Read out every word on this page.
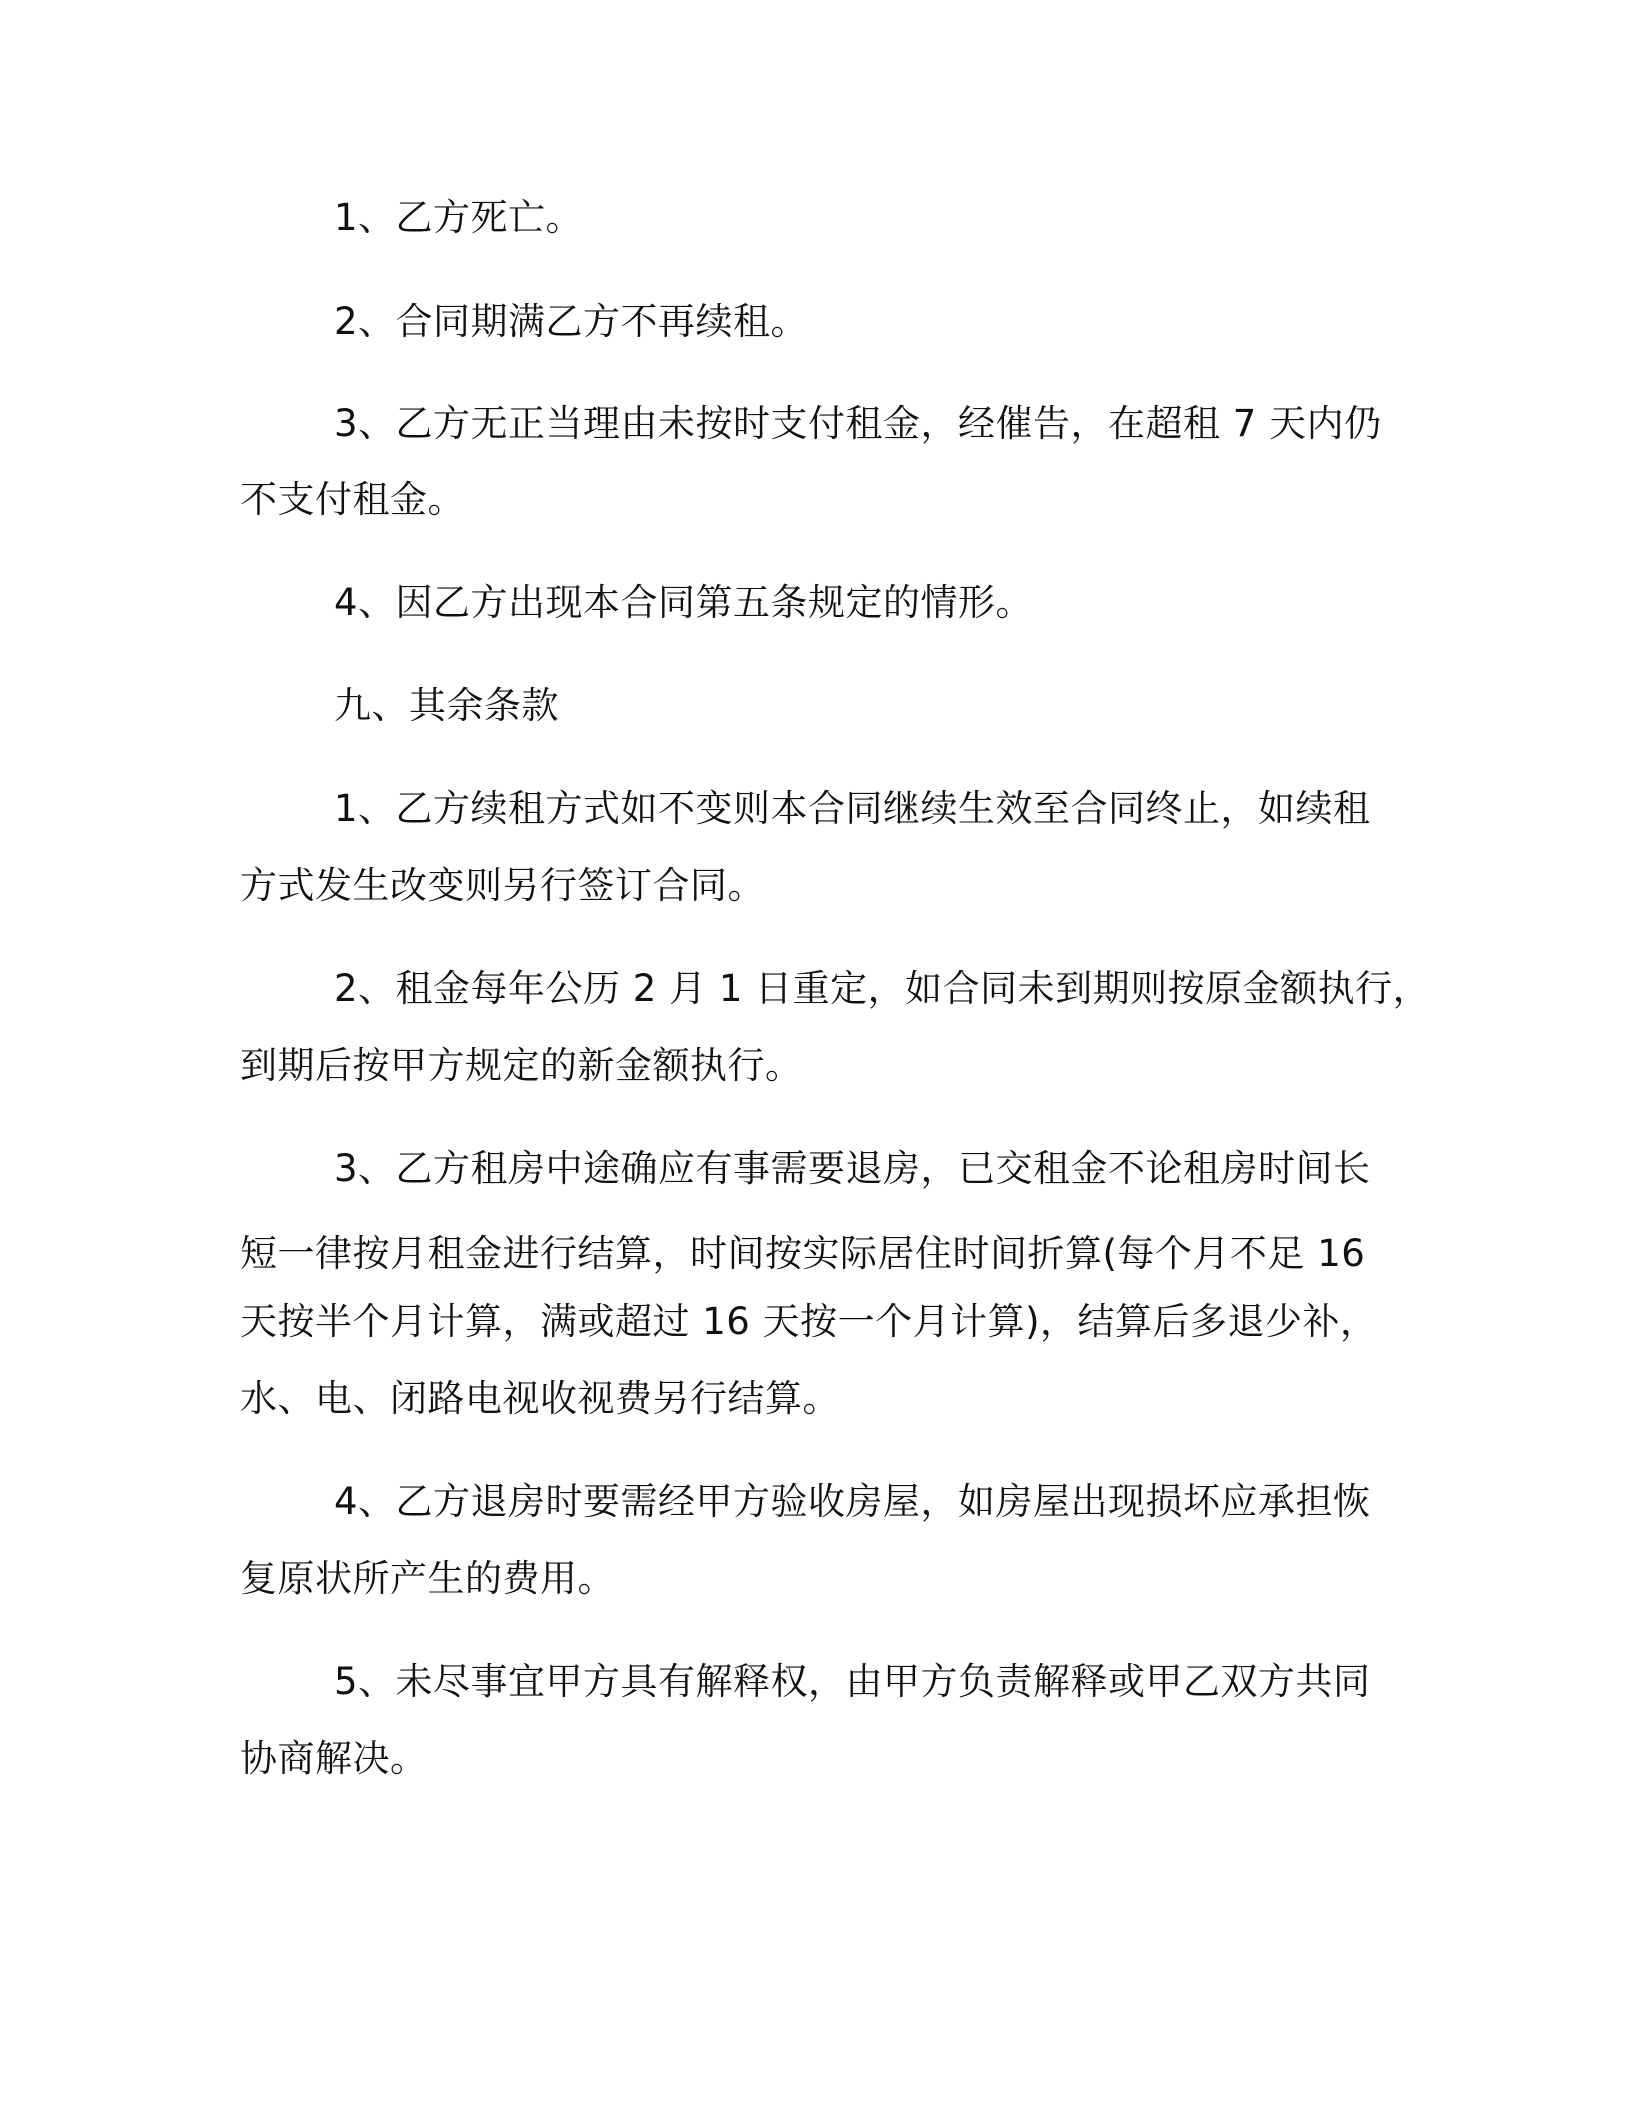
1、乙方死亡。

2、合同期满乙方不再续租。

3、乙方无正当理由未按时支付租金，经催告，在超租 7 天内仍

不支付租金。

4、因乙方出现本合同第五条规定的情形。

九、其余条款

1、乙方续租方式如不变则本合同继续生效至合同终止，如续租

方式发生改变则另行签订合同。

2、租金每年公历 2 月 1 日重定，如合同未到期则按原金额执行，

到期后按甲方规定的新金额执行。

3、乙方租房中途确应有事需要退房，已交租金不论租房时间长

短一律按月租金进行结算，时间按实际居住时间折算(每个月不足 16

天按半个月计算，满或超过 16 天按一个月计算)，结算后多退少补，

水、电、闭路电视收视费另行结算。

4、乙方退房时要需经甲方验收房屋，如房屋出现损坏应承担恢

复原状所产生的费用。

5、未尽事宜甲方具有解释权，由甲方负责解释或甲乙双方共同

协商解决。
